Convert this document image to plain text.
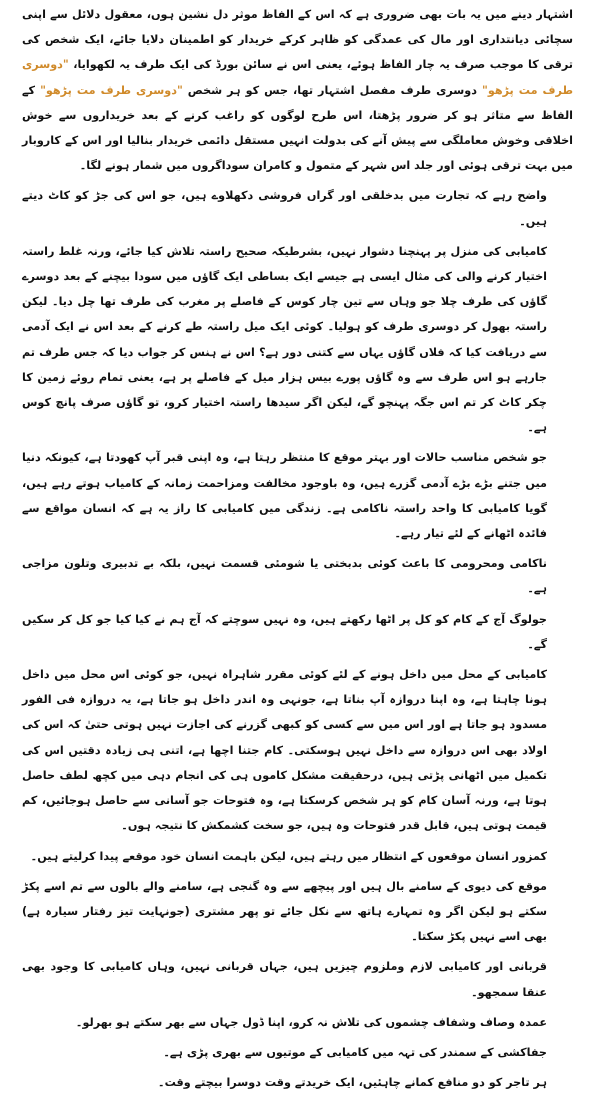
اشتہار دینے میں یہ بات بھی ضروری ہے کہ اس کے الفاظ موثر دل نشین ہوں، معقول دلائل سے اپنی سچائی دیانتداری اور مال کی عمدگی کو ظاہر کرکے خریدار کو اطمینان دلایا جائے، ایک شخص کی ترقی کا موجب صرف یہ چار الفاظ ہوئے، یعنی اس نے سائن بورڈ کی ایک طرف یہ لکھوایا، "دوسری طرف مت پڑھو" دوسری طرف مفصل اشتہار تھا، جس کو ہر شخص "دوسری طرف مت پڑھو" کے الفاظ سے متاثر ہو کر ضرور پڑھتا، اس طرح لوگوں کو راغب کرنے کے بعد خریداروں سے خوش اخلاقی وخوش معاملگی سے پیش آنے کی بدولت انہیں مستقل دائمی خریدار بنالیا اور اس کے کاروبار میں بہت ترقی ہوئی اور جلد اس شہر کے متمول و کامران سوداگروں میں شمار ہونے لگا۔

واضح رہے کہ تجارت میں بدخلقی اور گراں فروشی دکھلاوے ہیں، جو اس کی جڑ کو کاٹ دیتے ہیں۔

کامیابی کی منزل پر پہنچنا دشوار نہیں، بشرطیکہ صحیح راستہ تلاش کیا جائے، ورنہ غلط راستہ اختیار کرنے والی کی مثال ایسی ہے جیسے ایک بساطی ایک گاؤں میں سودا بیچنے کے بعد دوسرے گاؤں کی طرف چلا جو وہاں سے تین چار کوس کے فاصلے پر مغرب کی طرف تھا چل دیا۔ لیکن راستہ بھول کر دوسری طرف کو ہولیا۔ کوئی ایک میل راستہ طے کرنے کے بعد اس نے ایک آدمی سے دریافت کیا کہ فلاں گاؤں یہاں سے کتنی دور ہے؟ اس نے ہنس کر جواب دیا کہ جس طرف تم جارہے ہو اس طرف سے وہ گاؤں پورے بیس ہزار میل کے فاصلے پر ہے، یعنی تمام روئے زمین کا چکر کاٹ کر تم اس جگہ پہنچو گے، لیکن اگر سیدھا راستہ اختیار کرو، تو گاؤں صرف پانچ کوس ہے۔

جو شخص مناسب حالات اور بہتر موقع کا منتظر رہتا ہے، وہ اپنی قبر آپ کھودتا ہے، کیونکہ دنیا میں جتنے بڑے بڑے آدمی گزرے ہیں، وہ باوجود مخالفت ومزاحمت زمانہ کے کامیاب ہوتے رہے ہیں، گویا کامیابی کا واحد راستہ ناکامی ہے۔ زندگی میں کامیابی کا راز یہ ہے کہ انسان مواقع سے فائدہ اٹھانے کے لئے تیار رہے۔

ناکامی ومحرومی کا باعث کوئی بدبختی یا شومئی قسمت نہیں، بلکہ بے تدبیری وتلون مزاجی ہے۔

جولوگ آج کے کام کو کل پر اٹھا رکھتے ہیں، وہ نہیں سوچتے کہ آج ہم نے کیا کیا جو کل کر سکیں گے۔

کامیابی کے محل میں داخل ہونے کے لئے کوئی مقرر شاہراہ نہیں، جو کوئی اس محل میں داخل ہونا چاہتا ہے، وہ اپنا دروازہ آپ بناتا ہے، جونہی وہ اندر داخل ہو جاتا ہے، یہ دروازہ فی الفور مسدود ہو جاتا ہے اور اس میں سے کسی کو کبھی گزرنے کی اجازت نہیں ہوتی حتیٰ کہ اس کی اولاد بھی اس دروازہ سے داخل نہیں ہوسکتی۔ کام جتنا اچھا ہے، اتنی ہی زیادہ دقتیں اس کی تکمیل میں اٹھانی پڑتی ہیں، درحقیقت مشکل کاموں ہی کی انجام دہی میں کچھ لطف حاصل ہوتا ہے، ورنہ آسان کام کو ہر شخص کرسکتا ہے، وہ فتوحات جو آسانی سے حاصل ہوجائیں، کم قیمت ہوتی ہیں، قابل قدر فتوحات وہ ہیں، جو سخت کشمکش کا نتیجہ ہوں۔

کمزور انسان موقعوں کے انتظار میں رہتے ہیں، لیکن باہمت انسان خود موقعے پیدا کرلیتے ہیں۔

موقع کی دیوی کے سامنے بال ہیں اور پیچھے سے وہ گنجی ہے، سامنے والے بالوں سے تم اسے پکڑ سکتے ہو لیکن اگر وہ تمہارے ہاتھ سے نکل جائے تو پھر مشتری (جونہایت تیز رفتار سیارہ ہے) بھی اسے نہیں پکڑ سکتا۔

قربانی اور کامیابی لازم وملزوم چیزیں ہیں، جہاں قربانی نہیں، وہاں کامیابی کا وجود بھی عنقا سمجھو۔

عمدہ وصاف وشفاف چشموں کی تلاش نہ کرو، اپنا ڈول جہاں سے بھر سکتے ہو بھرلو۔

جفاکشی کے سمندر کی تہہ میں کامیابی کے موتیوں سے بھری پڑی ہے۔

ہر تاجر کو دو منافع کمانے چاہئیں، ایک خریدتے وقت دوسرا بیچتے وقت۔
